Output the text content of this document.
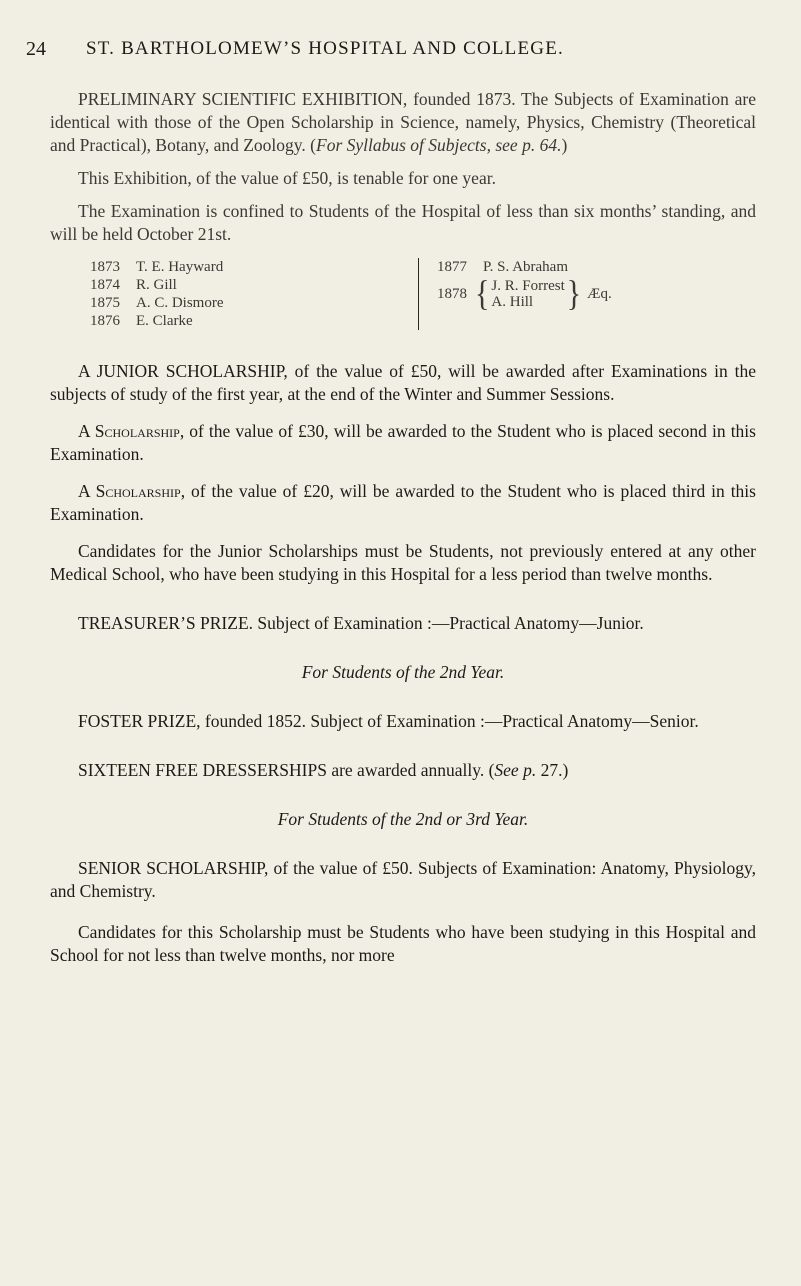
24 ST. BARTHOLOMEW’S HOSPITAL AND COLLEGE.

PRELIMINARY SCIENTIFIC EXHIBITION, founded 1873. The Subjects of Examination are identical with those of the Open Scholarship in Science, namely, Physics, Chemistry (Theoretical and Practical), Botany, and Zoology. (For Syllabus of Subjects, see p. 64.)

This Exhibition, of the value of £50, is tenable for one year.

The Examination is confined to Students of the Hospital of less than six months’ standing, and will be held October 21st.

1873	T. E. Hayward
1874	R. Gill
1875	A. C. Dismore
1876	E. Clarke
1877	P. S. Abraham
1878 { J. R. Forrest
A. Hill	} Æq.

A JUNIOR SCHOLARSHIP, of the value of £50, will be awarded after Examinations in the subjects of study of the first year, at the end of the Winter and Summer Sessions.

A Scholarship, of the value of £30, will be awarded to the Student who is placed second in this Examination.

A Scholarship, of the value of £20, will be awarded to the Student who is placed third in this Examination.

Candidates for the Junior Scholarships must be Students, not previously entered at any other Medical School, who have been studying in this Hospital for a less period than twelve months.

TREASURER’S PRIZE. Subject of Examination :—Practical Anatomy—Junior.

For Students of the 2nd Year.

FOSTER PRIZE, founded 1852. Subject of Examination :—Practical Anatomy—Senior.

SIXTEEN FREE DRESSERSHIPS are awarded annually. (See p. 27.)

For Students of the 2nd or 3rd Year.

SENIOR SCHOLARSHIP, of the value of £50. Subjects of Examination: Anatomy, Physiology, and Chemistry.

Candidates for this Scholarship must be Students who have been studying in this Hospital and School for not less than twelve months, nor more
